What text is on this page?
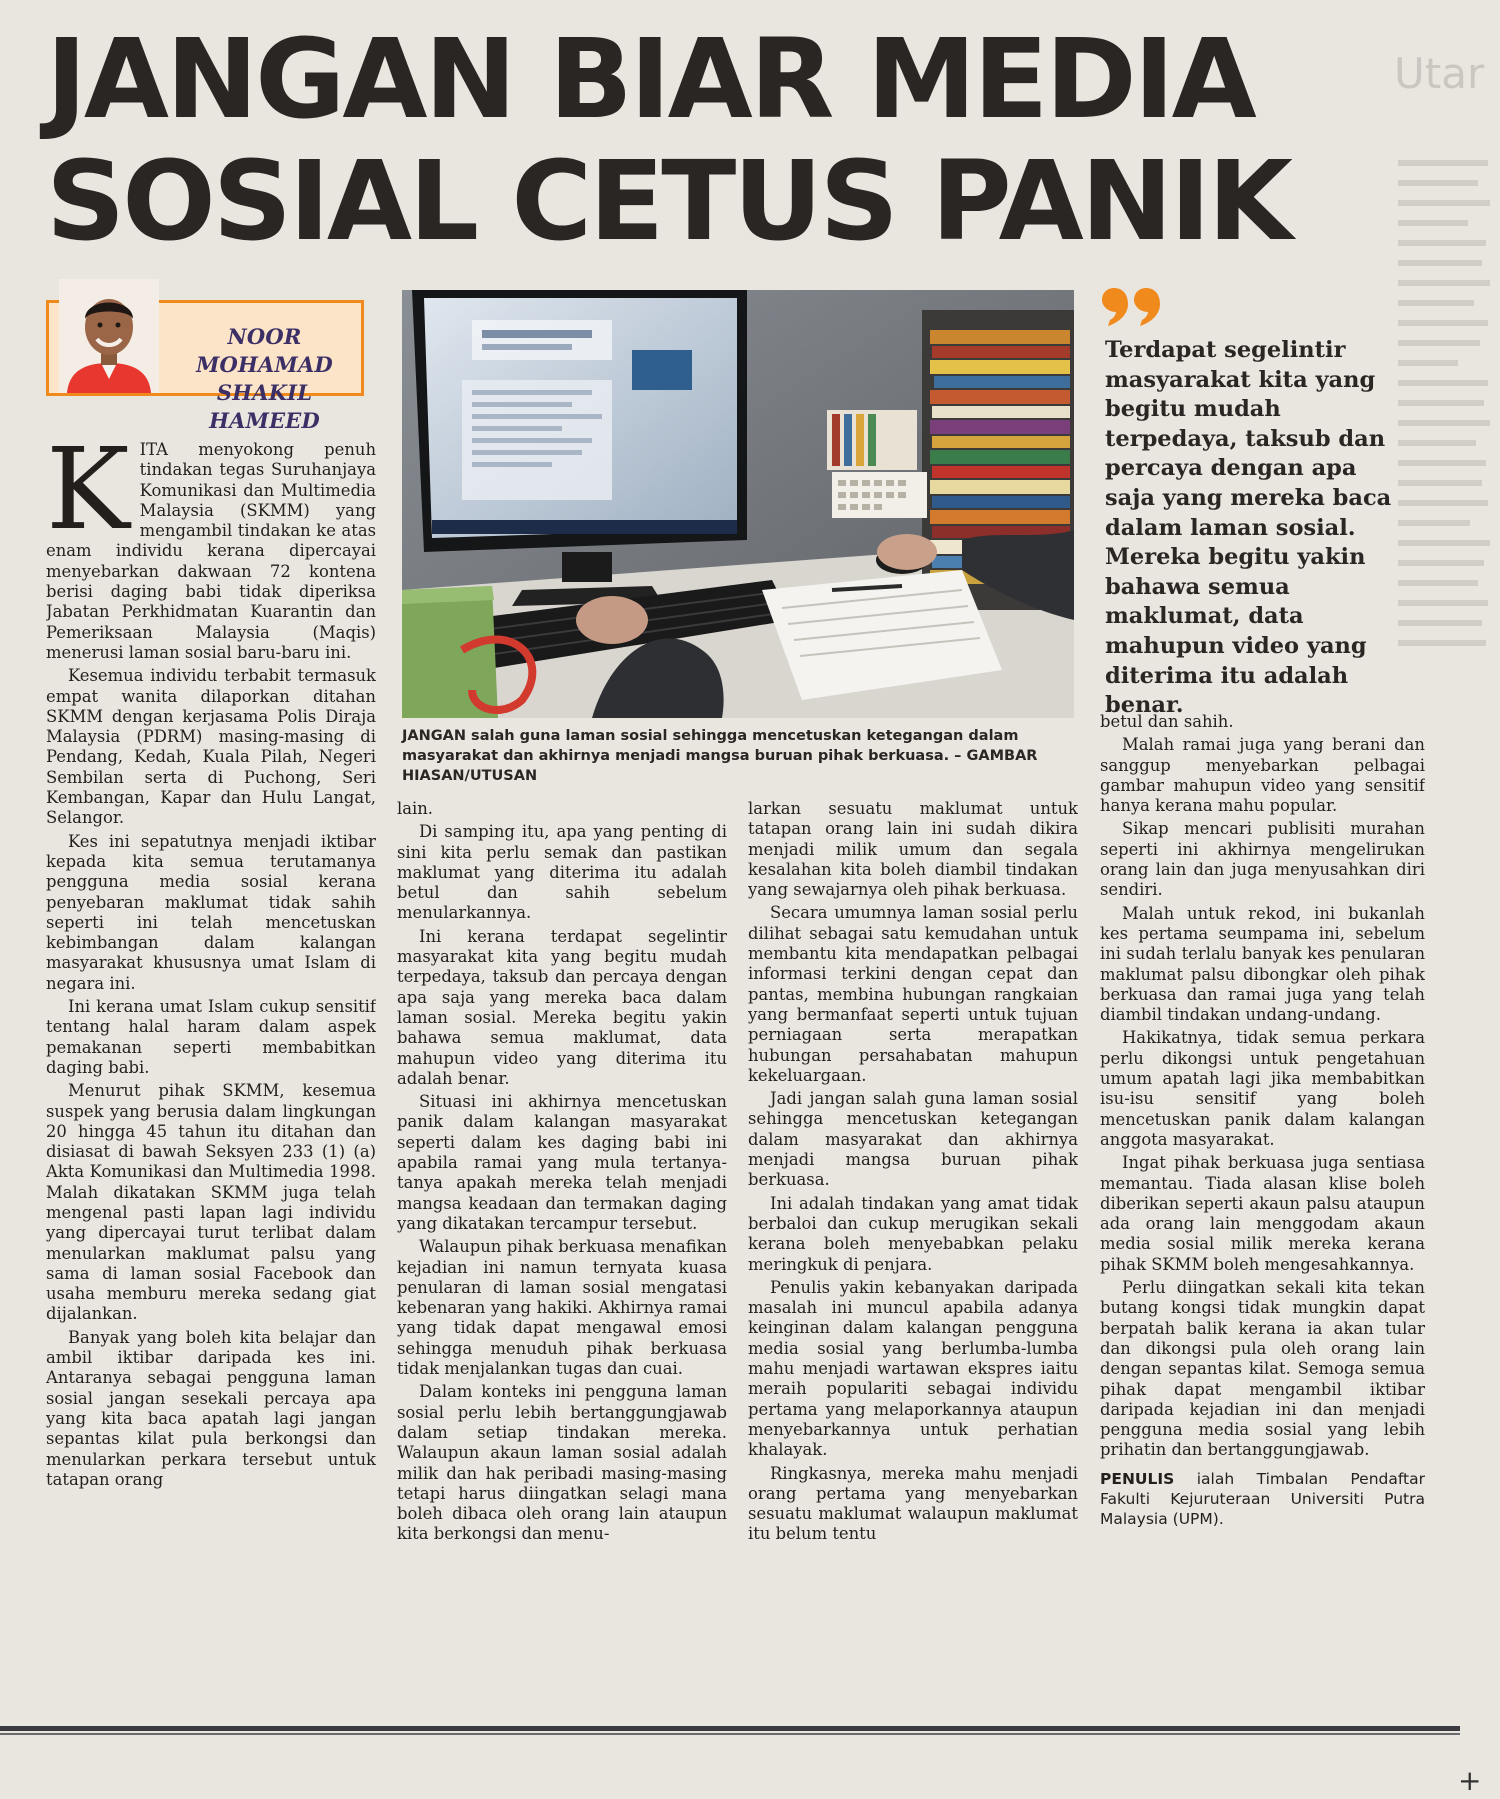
Utar
JANGAN BIAR MEDIA
SOSIAL CETUS PANIK
NOOR MOHAMAD
SHAKIL HAMEED
JANGAN salah guna laman sosial sehingga mencetuskan ketegangan dalam masyarakat dan akhirnya menjadi mangsa buruan pihak berkuasa. – GAMBAR HIASAN/UTUSAN
Terdapat segelintir masyarakat kita yang begitu mudah terpedaya, taksub dan percaya dengan apa saja yang mereka baca dalam laman sosial. Mereka begitu yakin bahawa semua maklumat, data mahupun video yang diterima itu adalah benar.

KITA menyokong penuh tindakan tegas Suruhanjaya Komunikasi dan Multimedia Malaysia (SKMM) yang mengambil tindakan ke atas enam individu kerana dipercayai menyebarkan dakwaan 72 kontena berisi daging babi tidak diperiksa Jabatan Perkhidmatan Kuarantin dan Pemeriksaan Malaysia (Maqis) menerusi laman sosial baru-baru ini.

Kesemua individu terbabit termasuk empat wanita dilaporkan ditahan SKMM dengan kerjasama Polis Diraja Malaysia (PDRM) masing-masing di Pendang, Kedah, Kuala Pilah, Negeri Sembilan serta di Puchong, Seri Kembangan, Kapar dan Hulu Langat, Selangor.

Kes ini sepatutnya menjadi iktibar kepada kita semua terutamanya pengguna media sosial kerana penyebaran maklumat tidak sahih seperti ini telah mencetuskan kebimbangan dalam kalangan masyarakat khususnya umat Islam di negara ini.

Ini kerana umat Islam cukup sensitif tentang halal haram dalam aspek pemakanan seperti membabitkan daging babi.

Menurut pihak SKMM, kesemua suspek yang berusia dalam lingkungan 20 hingga 45 tahun itu ditahan dan disiasat di bawah Seksyen 233 (1) (a) Akta Komunikasi dan Multimedia 1998. Malah dikatakan SKMM juga telah mengenal pasti lapan lagi individu yang dipercayai turut terlibat dalam menularkan maklumat palsu yang sama di laman sosial Facebook dan usaha memburu mereka sedang giat dijalankan.

Banyak yang boleh kita belajar dan ambil iktibar daripada kes ini. Antaranya sebagai pengguna laman sosial jangan sesekali percaya apa yang kita baca apatah lagi jangan sepantas kilat pula berkongsi dan menularkan perkara tersebut untuk tatapan orang

lain.

Di samping itu, apa yang penting di sini kita perlu semak dan pastikan maklumat yang diterima itu adalah betul dan sahih sebelum menularkannya.

Ini kerana terdapat segelintir masyarakat kita yang begitu mudah terpedaya, taksub dan percaya dengan apa saja yang mereka baca dalam laman sosial. Mereka begitu yakin bahawa semua maklumat, data mahupun video yang diterima itu adalah benar.

Situasi ini akhirnya mencetuskan panik dalam kalangan masyarakat seperti dalam kes daging babi ini apabila ramai yang mula tertanya-tanya apakah mereka telah menjadi mangsa keadaan dan termakan daging yang dikatakan tercampur tersebut.

Walaupun pihak berkuasa menafikan kejadian ini namun ternyata kuasa penularan di laman sosial mengatasi kebenaran yang hakiki. Akhirnya ramai yang tidak dapat mengawal emosi sehingga menuduh pihak berkuasa tidak menjalankan tugas dan cuai.

Dalam konteks ini pengguna laman sosial perlu lebih bertanggungjawab dalam setiap tindakan mereka. Walaupun akaun laman sosial adalah milik dan hak peribadi masing-masing tetapi harus diingatkan selagi mana boleh dibaca oleh orang lain ataupun kita berkongsi dan menu-

larkan sesuatu maklumat untuk tatapan orang lain ini sudah dikira menjadi milik umum dan segala kesalahan kita boleh diambil tindakan yang sewajarnya oleh pihak berkuasa.

Secara umumnya laman sosial perlu dilihat sebagai satu kemudahan untuk membantu kita mendapatkan pelbagai informasi terkini dengan cepat dan pantas, membina hubungan rangkaian yang bermanfaat seperti untuk tujuan perniagaan serta merapatkan hubungan persahabatan mahupun kekeluargaan.

Jadi jangan salah guna laman sosial sehingga mencetuskan ketegangan dalam masyarakat dan akhirnya menjadi mangsa buruan pihak berkuasa.

Ini adalah tindakan yang amat tidak berbaloi dan cukup merugikan sekali kerana boleh menyebabkan pelaku meringkuk di penjara.

Penulis yakin kebanyakan daripada masalah ini muncul apabila adanya keinginan dalam kalangan pengguna media sosial yang berlumba-lumba mahu menjadi wartawan ekspres iaitu meraih populariti sebagai individu pertama yang melaporkannya ataupun menyebarkannya untuk perhatian khalayak.

Ringkasnya, mereka mahu menjadi orang pertama yang menyebarkan sesuatu maklumat walaupun maklumat itu belum tentu

betul dan sahih.

Malah ramai juga yang berani dan sanggup menyebarkan pelbagai gambar mahupun video yang sensitif hanya kerana mahu popular.

Sikap mencari publisiti murahan seperti ini akhirnya mengelirukan orang lain dan juga menyusahkan diri sendiri.

Malah untuk rekod, ini bukanlah kes pertama seumpama ini, sebelum ini sudah terlalu banyak kes penularan maklumat palsu dibongkar oleh pihak berkuasa dan ramai juga yang telah diambil tindakan undang-undang.

Hakikatnya, tidak semua perkara perlu dikongsi untuk pengetahuan umum apatah lagi jika membabitkan isu-isu sensitif yang boleh mencetuskan panik dalam kalangan anggota masyarakat.

Ingat pihak berkuasa juga sentiasa memantau. Tiada alasan klise boleh diberikan seperti akaun palsu ataupun ada orang lain menggodam akaun media sosial milik mereka kerana pihak SKMM boleh mengesahkannya.

Perlu diingatkan sekali kita tekan butang kongsi tidak mungkin dapat berpatah balik kerana ia akan tular dan dikongsi pula oleh orang lain dengan sepantas kilat. Semoga semua pihak dapat mengambil iktibar daripada kejadian ini dan menjadi pengguna media sosial yang lebih prihatin dan bertanggungjawab.

PENULIS ialah Timbalan Pendaftar Fakulti Kejuruteraan Universiti Putra Malaysia (UPM).

+
